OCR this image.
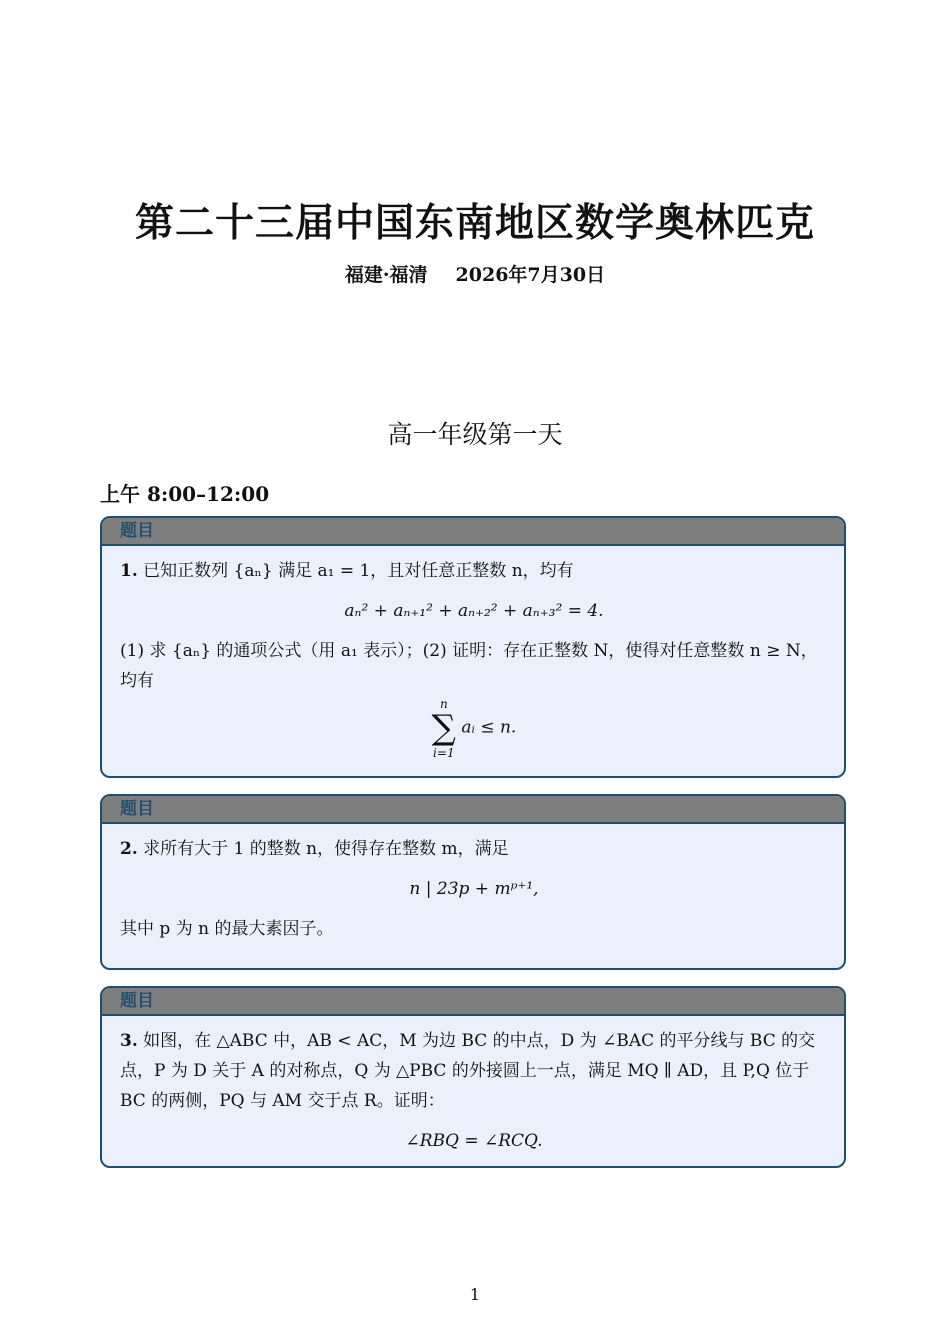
第二十三届中国东南地区数学奥林匹克
福建·福清 2026年7月30日
高一年级第一天
上午 8:00–12:00
题目
1. 已知正数列 {aₙ} 满足 a₁ = 1，且对任意正整数 n，均有
aₙ² + aₙ₊₁² + aₙ₊₂² + aₙ₊₃² = 4.
(1) 求 {aₙ} 的通项公式（用 a₁ 表示）；(2) 证明：存在正整数 N，使得对任意整数 n ≥ N，均有
n
∑
i=1 aᵢ ≤ n.
题目
2. 求所有大于 1 的整数 n，使得存在整数 m，满足
n | 23p + mᵖ⁺¹,
其中 p 为 n 的最大素因子。
题目
3. 如图，在 △ABC 中，AB < AC，M 为边 BC 的中点，D 为 ∠BAC 的平分线与 BC 的交点，P 为 D 关于 A 的对称点，Q 为 △PBC 的外接圆上一点，满足 MQ ∥ AD，且 P,Q 位于 BC 的两侧，PQ 与 AM 交于点 R。证明：
∠RBQ = ∠RCQ.
1
